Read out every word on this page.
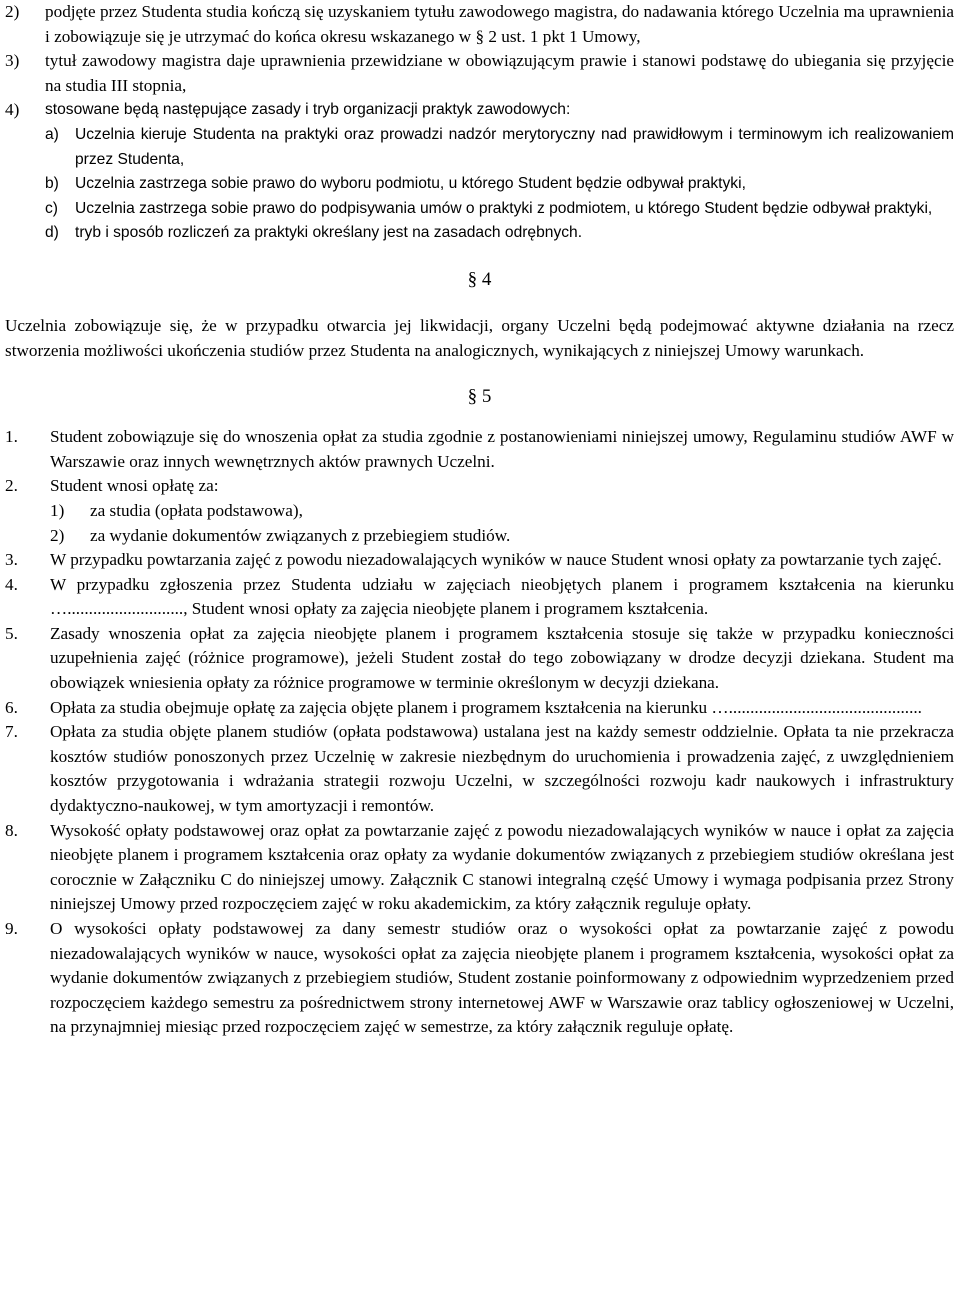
2)	podjęte przez Studenta studia kończą się uzyskaniem tytułu zawodowego magistra, do nadawania którego Uczelnia ma uprawnienia i zobowiązuje się je utrzymać do końca okresu wskazanego w § 2 ust. 1 pkt 1 Umowy,
3)	tytuł zawodowy magistra daje uprawnienia przewidziane w obowiązującym prawie i stanowi podstawę do ubiegania się przyjęcie na studia III stopnia,
4)	stosowane będą następujące zasady i tryb organizacji praktyk zawodowych:
a)	Uczelnia kieruje Studenta na praktyki oraz prowadzi nadzór merytoryczny nad prawidłowym i terminowym ich realizowaniem przez Studenta,
b)	Uczelnia zastrzega sobie prawo do wyboru podmiotu, u którego Student będzie odbywał praktyki,
c)	Uczelnia zastrzega sobie prawo do podpisywania umów o praktyki z podmiotem, u którego Student będzie odbywał praktyki,
d)	tryb i sposób rozliczeń za praktyki określany jest na zasadach odrębnych.
§ 4

Uczelnia zobowiązuje się, że w przypadku otwarcia jej likwidacji, organy Uczelni będą podejmować aktywne działania na rzecz stworzenia możliwości ukończenia studiów przez Studenta na analogicznych, wynikających z niniejszej Umowy warunkach.

§ 5
1.	Student zobowiązuje się do wnoszenia opłat za studia zgodnie z postanowieniami niniejszej umowy, Regulaminu studiów AWF w Warszawie oraz innych wewnętrznych aktów prawnych Uczelni.
2.	Student wnosi opłatę za:
1)	za studia (opłata podstawowa),
2)	za wydanie dokumentów związanych z przebiegiem studiów.
3.	W przypadku powtarzania zajęć z powodu niezadowalających wyników w nauce Student wnosi opłaty za powtarzanie tych zajęć.
4.	W przypadku zgłoszenia przez Studenta udziału w zajęciach nieobjętych planem i programem kształcenia na kierunku …..........................., Student wnosi opłaty za zajęcia nieobjęte planem i programem kształcenia.
5.	Zasady wnoszenia opłat za zajęcia nieobjęte planem i programem kształcenia stosuje się także w przypadku konieczności uzupełnienia zajęć (różnice programowe), jeżeli Student został do tego zobowiązany w drodze decyzji dziekana. Student ma obowiązek wniesienia opłaty za różnice programowe w terminie określonym w decyzji dziekana.
6.	Opłata za studia obejmuje opłatę za zajęcia objęte planem i programem kształcenia na kierunku ….............................................
7.	Opłata za studia objęte planem studiów (opłata podstawowa) ustalana jest na każdy semestr oddzielnie. Opłata ta nie przekracza kosztów studiów ponoszonych przez Uczelnię w zakresie niezbędnym do uruchomienia i prowadzenia zajęć, z uwzględnieniem kosztów przygotowania i wdrażania strategii rozwoju Uczelni, w szczególności rozwoju kadr naukowych i infrastruktury dydaktyczno-naukowej, w tym amortyzacji i remontów.
8.	Wysokość opłaty podstawowej oraz opłat za powtarzanie zajęć z powodu niezadowalających wyników w nauce i opłat za zajęcia nieobjęte planem i programem kształcenia oraz opłaty za wydanie dokumentów związanych z przebiegiem studiów określana jest corocznie w Załączniku C do niniejszej umowy. Załącznik C stanowi integralną część Umowy i wymaga podpisania przez Strony niniejszej Umowy przed rozpoczęciem zajęć w roku akademickim, za który załącznik reguluje opłaty.
9.	O wysokości opłaty podstawowej za dany semestr studiów oraz o wysokości opłat za powtarzanie zajęć z powodu niezadowalających wyników w nauce, wysokości opłat za zajęcia nieobjęte planem i programem kształcenia, wysokości opłat za wydanie dokumentów związanych z przebiegiem studiów, Student zostanie poinformowany z odpowiednim wyprzedzeniem przed rozpoczęciem każdego semestru za pośrednictwem strony internetowej AWF w Warszawie oraz tablicy ogłoszeniowej w Uczelni, na przynajmniej miesiąc przed rozpoczęciem zajęć w semestrze, za który załącznik reguluje opłatę.
